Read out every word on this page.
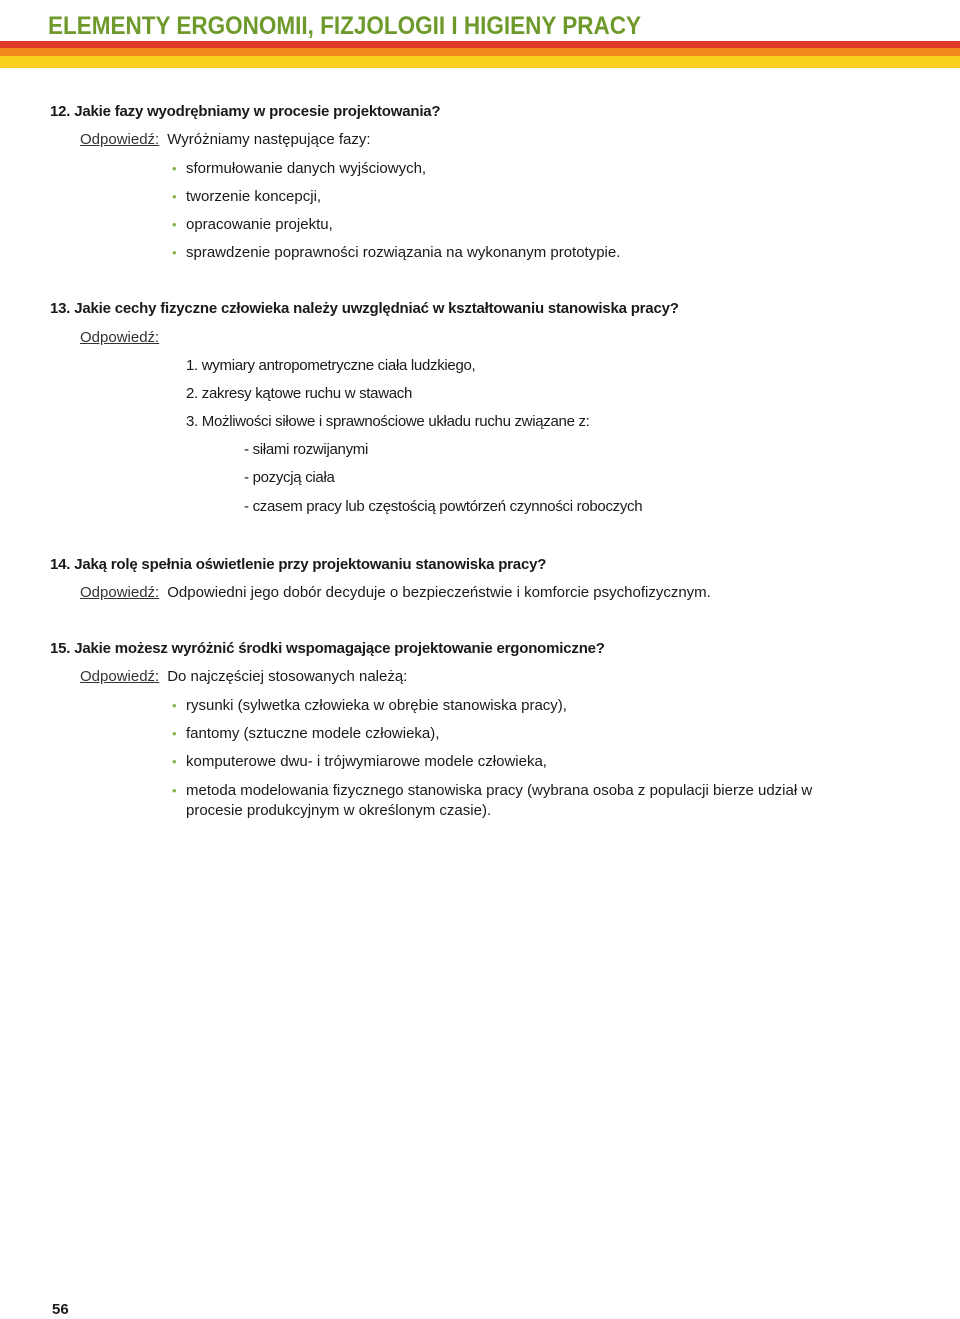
ELEMENTY ERGONOMII, FIZJOLOGII I HIGIENY PRACY
12. Jakie fazy wyodrębniamy w procesie projektowania?
Odpowiedź: Wyróżniamy następujące fazy:
• sformułowanie danych wyjściowych,
• tworzenie koncepcji,
• opracowanie projektu,
• sprawdzenie poprawności rozwiązania na wykonanym prototypie.
13. Jakie cechy fizyczne człowieka należy uwzględniać w kształtowaniu stanowiska pracy?
Odpowiedź:
1. wymiary antropometryczne ciała ludzkiego,
2. zakresy kątowe ruchu w stawach
3. Możliwości siłowe i sprawnościowe układu ruchu związane z:
- siłami rozwijanymi
- pozycją ciała
- czasem pracy lub częstością powtórzeń czynności roboczych
14. Jaką rolę spełnia oświetlenie przy projektowaniu stanowiska pracy?
Odpowiedź: Odpowiedni jego dobór decyduje o bezpieczeństwie i komforcie psychofizycznym.
15. Jakie możesz wyróżnić środki wspomagające projektowanie ergonomiczne?
Odpowiedź: Do najczęściej stosowanych należą:
• rysunki (sylwetka człowieka w obrębie stanowiska pracy),
• fantomy (sztuczne modele człowieka),
• komputerowe dwu- i trójwymiarowe modele człowieka,
• metoda modelowania fizycznego stanowiska pracy (wybrana osoba z populacji bierze udział w procesie produkcyjnym w określonym czasie).
56
